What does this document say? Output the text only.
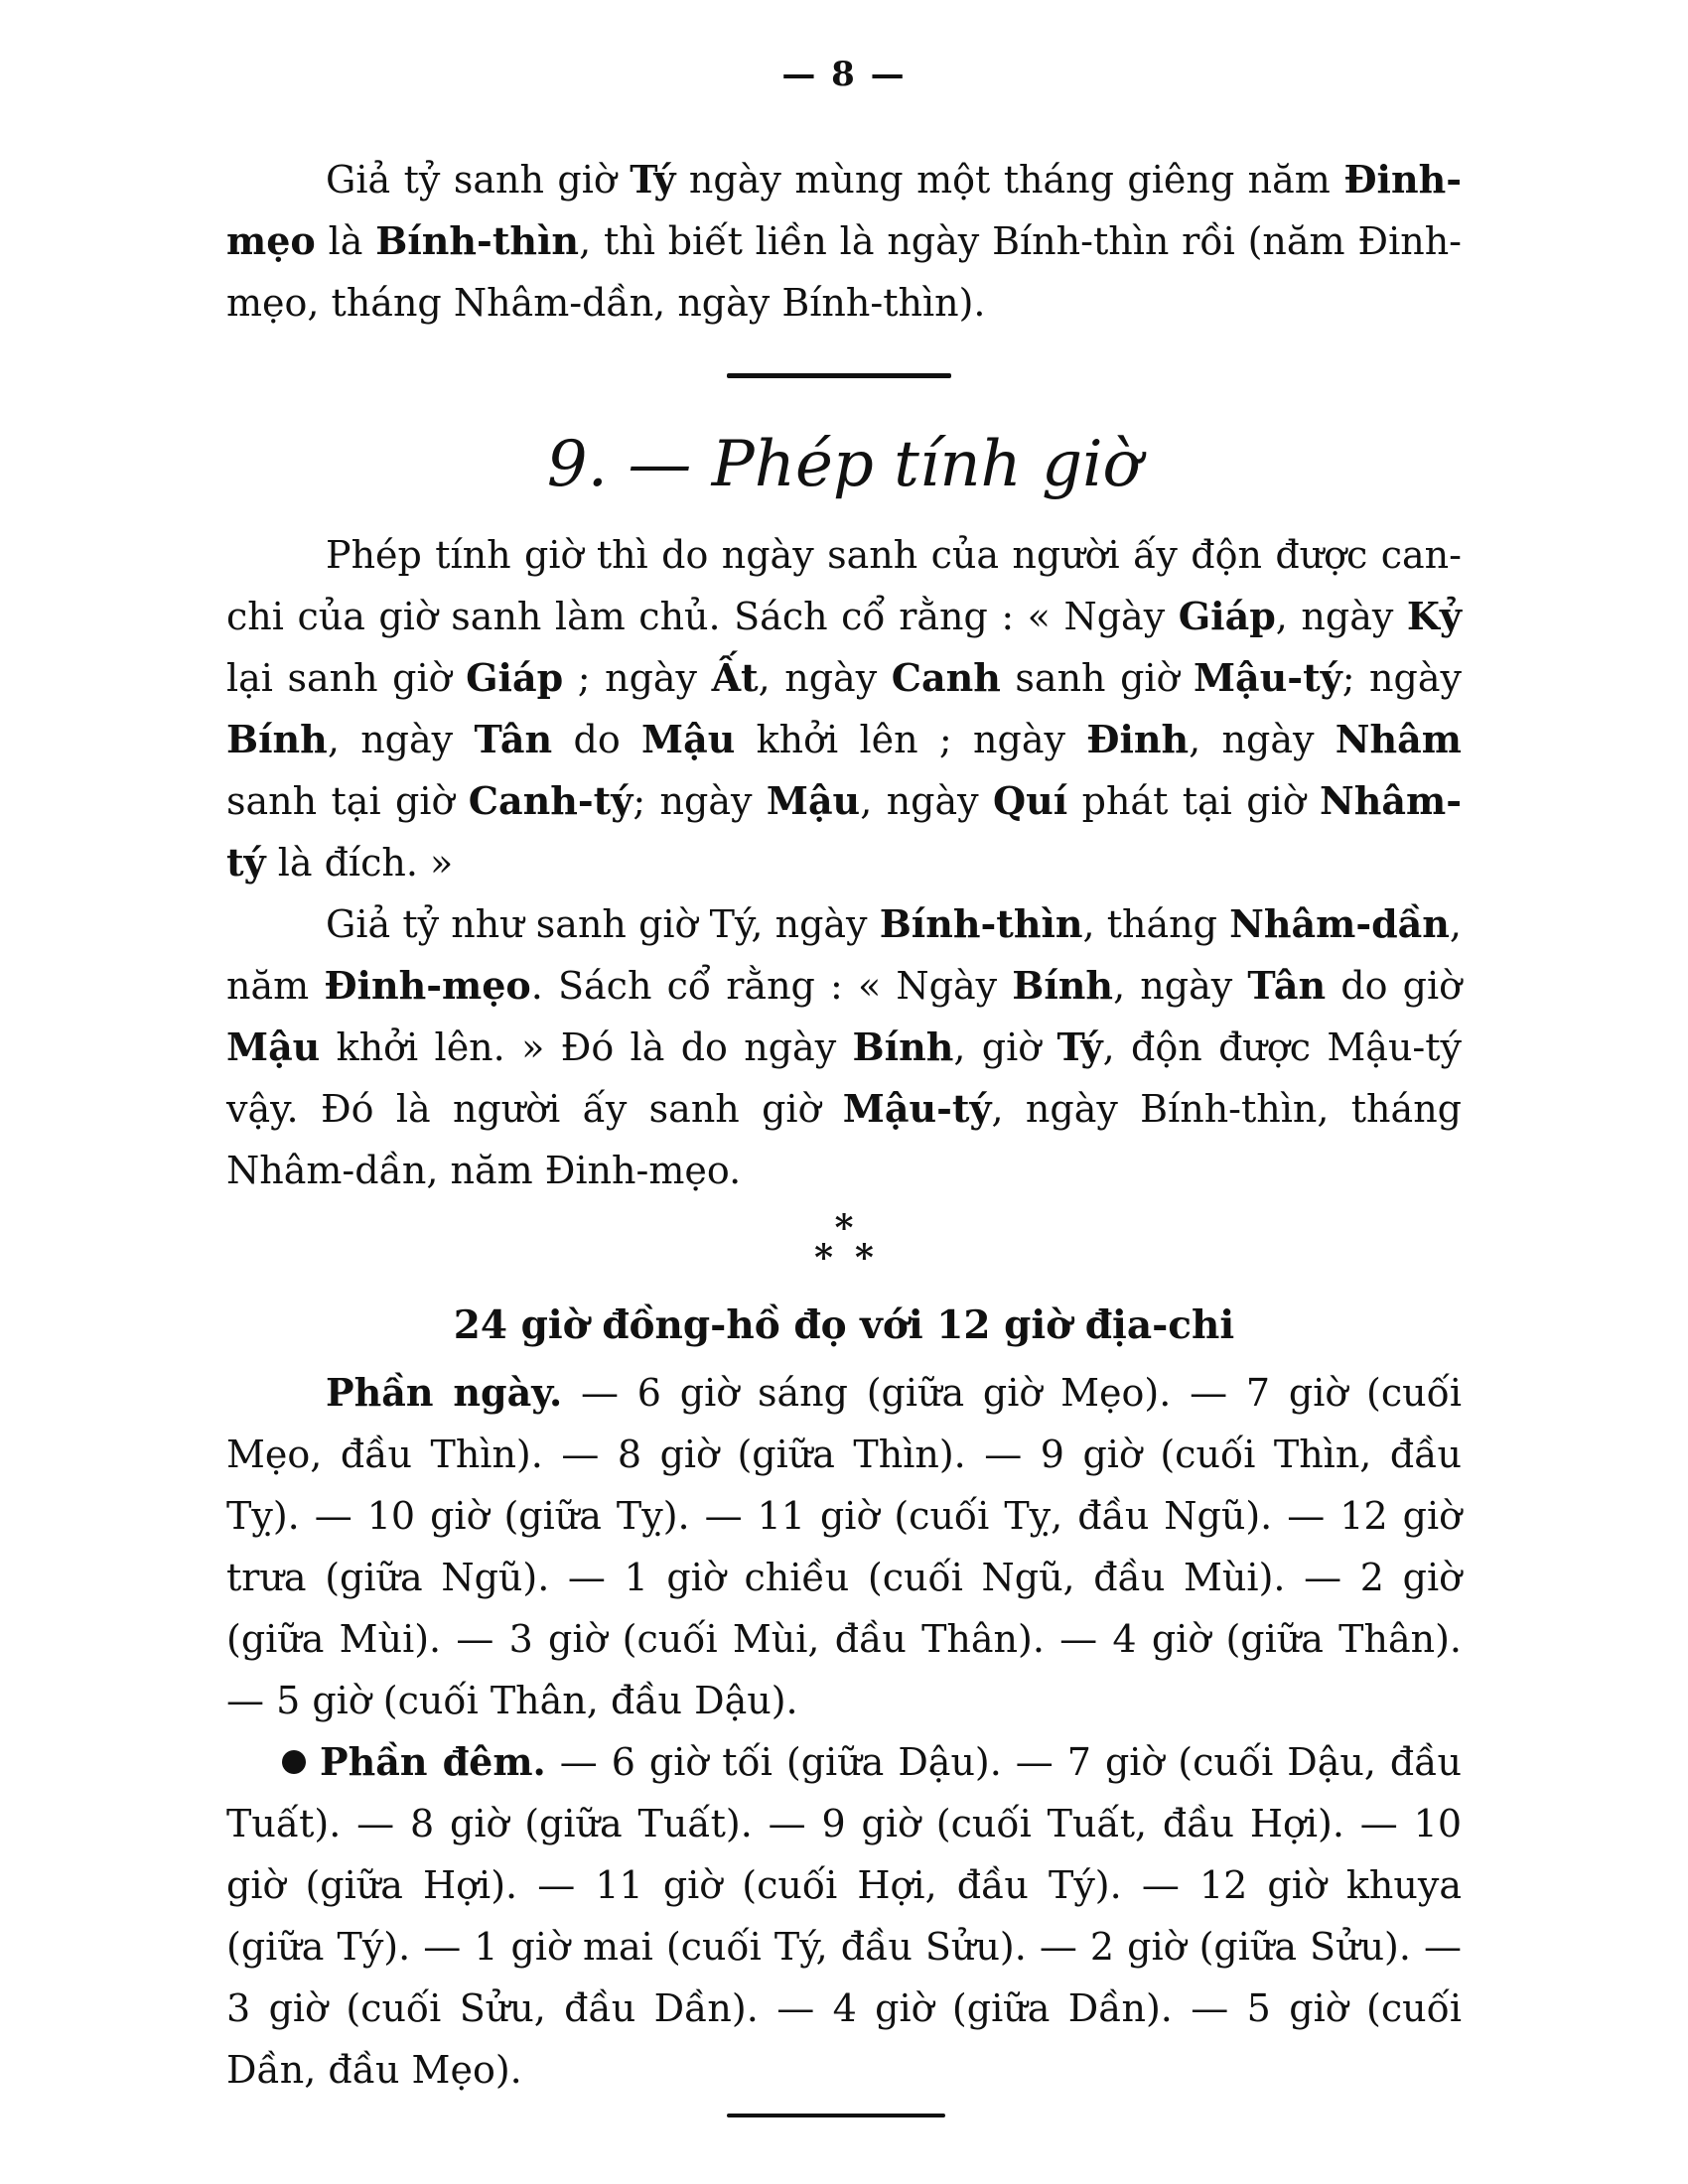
— 8 —

Giả tỷ sanh giờ Tý ngày mùng một tháng giêng năm Đinh-mẹo là Bính-thìn, thì biết liền là ngày Bính-thìn rồi (năm Đinh-mẹo, tháng Nhâm-dần, ngày Bính-thìn).

9. — Phép tính giờ

Phép tính giờ thì do ngày sanh của người ấy độn được can-chi của giờ sanh làm chủ. Sách cổ rằng : « Ngày Giáp, ngày Kỷ lại sanh giờ Giáp ; ngày Ất, ngày Canh sanh giờ Mậu-tý; ngày Bính, ngày Tân do Mậu khởi lên ; ngày Đinh, ngày Nhâm sanh tại giờ Canh-tý; ngày Mậu, ngày Quí phát tại giờ Nhâm-tý là đích. »

Giả tỷ như sanh giờ Tý, ngày Bính-thìn, tháng Nhâm-dần, năm Đinh-mẹo. Sách cổ rằng : « Ngày Bính, ngày Tân do giờ Mậu khởi lên. » Đó là do ngày Bính, giờ Tý, độn được Mậu-tý vậy. Đó là người ấy sanh giờ Mậu-tý, ngày Bính-thìn, tháng Nhâm-dần, năm Đinh-mẹo.

*
**
24 giờ đồng-hồ đọ với 12 giờ địa-chi

Phần ngày. — 6 giờ sáng (giữa giờ Mẹo). — 7 giờ (cuối Mẹo, đầu Thìn). — 8 giờ (giữa Thìn). — 9 giờ (cuối Thìn, đầu Tỵ). — 10 giờ (giữa Tỵ). — 11 giờ (cuối Tỵ, đầu Ngũ). — 12 giờ trưa (giữa Ngũ). — 1 giờ chiều (cuối Ngũ, đầu Mùi). — 2 giờ (giữa Mùi). — 3 giờ (cuối Mùi, đầu Thân). — 4 giờ (giữa Thân). — 5 giờ (cuối Thân, đầu Dậu).

Phần đêm. — 6 giờ tối (giữa Dậu). — 7 giờ (cuối Dậu, đầu Tuất). — 8 giờ (giữa Tuất). — 9 giờ (cuối Tuất, đầu Hợi). — 10 giờ (giữa Hợi). — 11 giờ (cuối Hợi, đầu Tý). — 12 giờ khuya (giữa Tý). — 1 giờ mai (cuối Tý, đầu Sửu). — 2 giờ (giữa Sửu). — 3 giờ (cuối Sửu, đầu Dần). — 4 giờ (giữa Dần). — 5 giờ (cuối Dần, đầu Mẹo).
